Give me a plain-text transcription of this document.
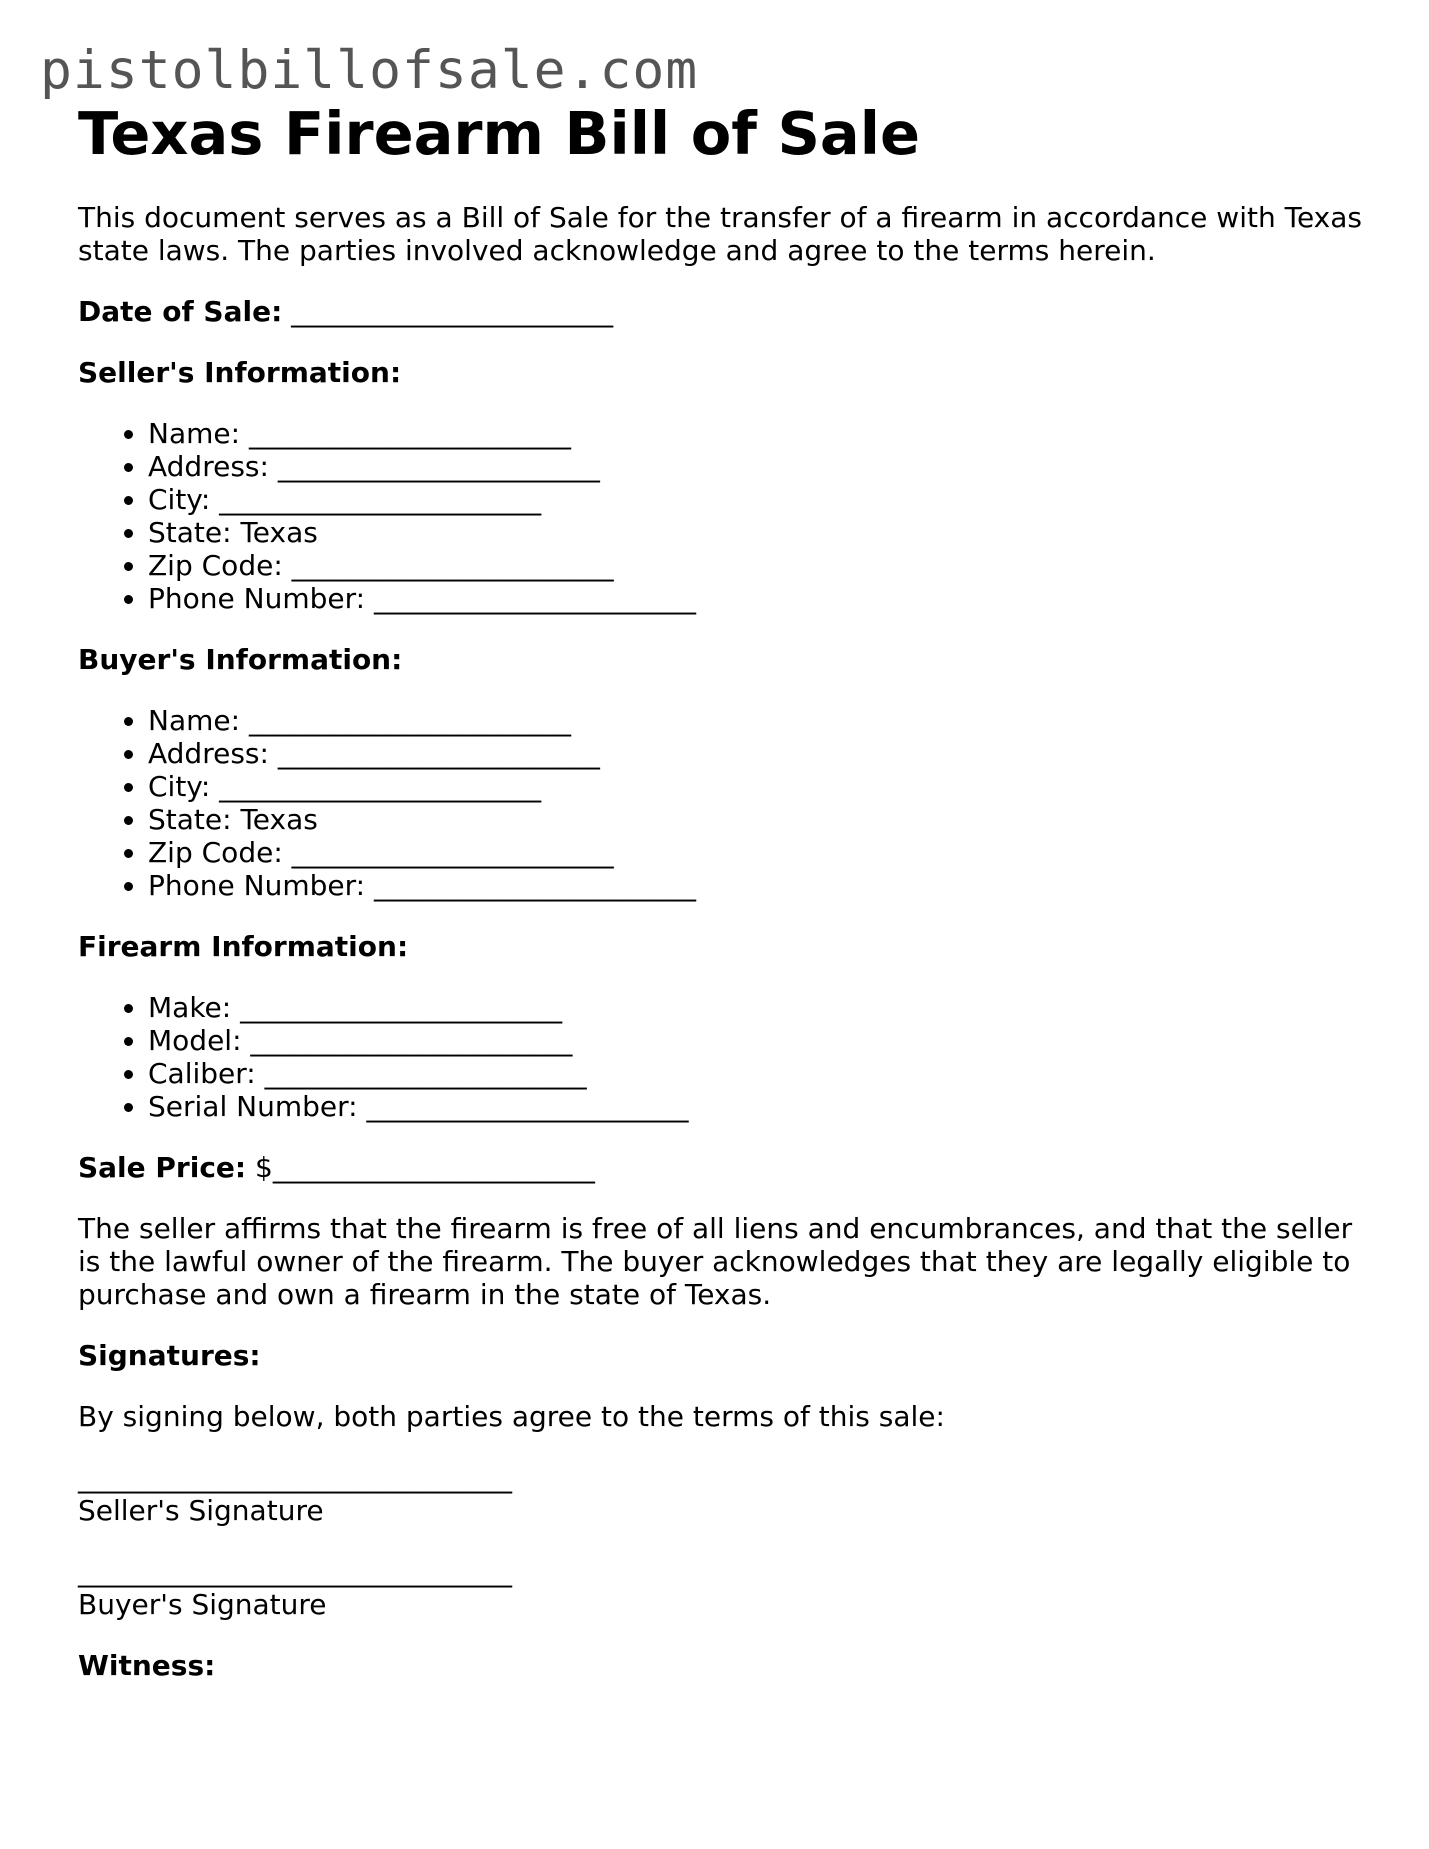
pistolbillofsale.com
Texas Firearm Bill of Sale

This document serves as a Bill of Sale for the transfer of a firearm in accordance with Texas state laws. The parties involved acknowledge and agree to the terms herein.

Date of Sale: _______________________

Seller's Information:

• Name: _______________________
• Address: _______________________
• City: _______________________
• State: Texas
• Zip Code: _______________________
• Phone Number: _______________________

Buyer's Information:

• Name: _______________________
• Address: _______________________
• City: _______________________
• State: Texas
• Zip Code: _______________________
• Phone Number: _______________________

Firearm Information:

• Make: _______________________
• Model: _______________________
• Caliber: _______________________
• Serial Number: _______________________

Sale Price: $_______________________

The seller affirms that the firearm is free of all liens and encumbrances, and that the seller is the lawful owner of the firearm. The buyer acknowledges that they are legally eligible to purchase and own a firearm in the state of Texas.

Signatures:

By signing below, both parties agree to the terms of this sale:

_______________________________

Seller's Signature

_______________________________

Buyer's Signature

Witness:
